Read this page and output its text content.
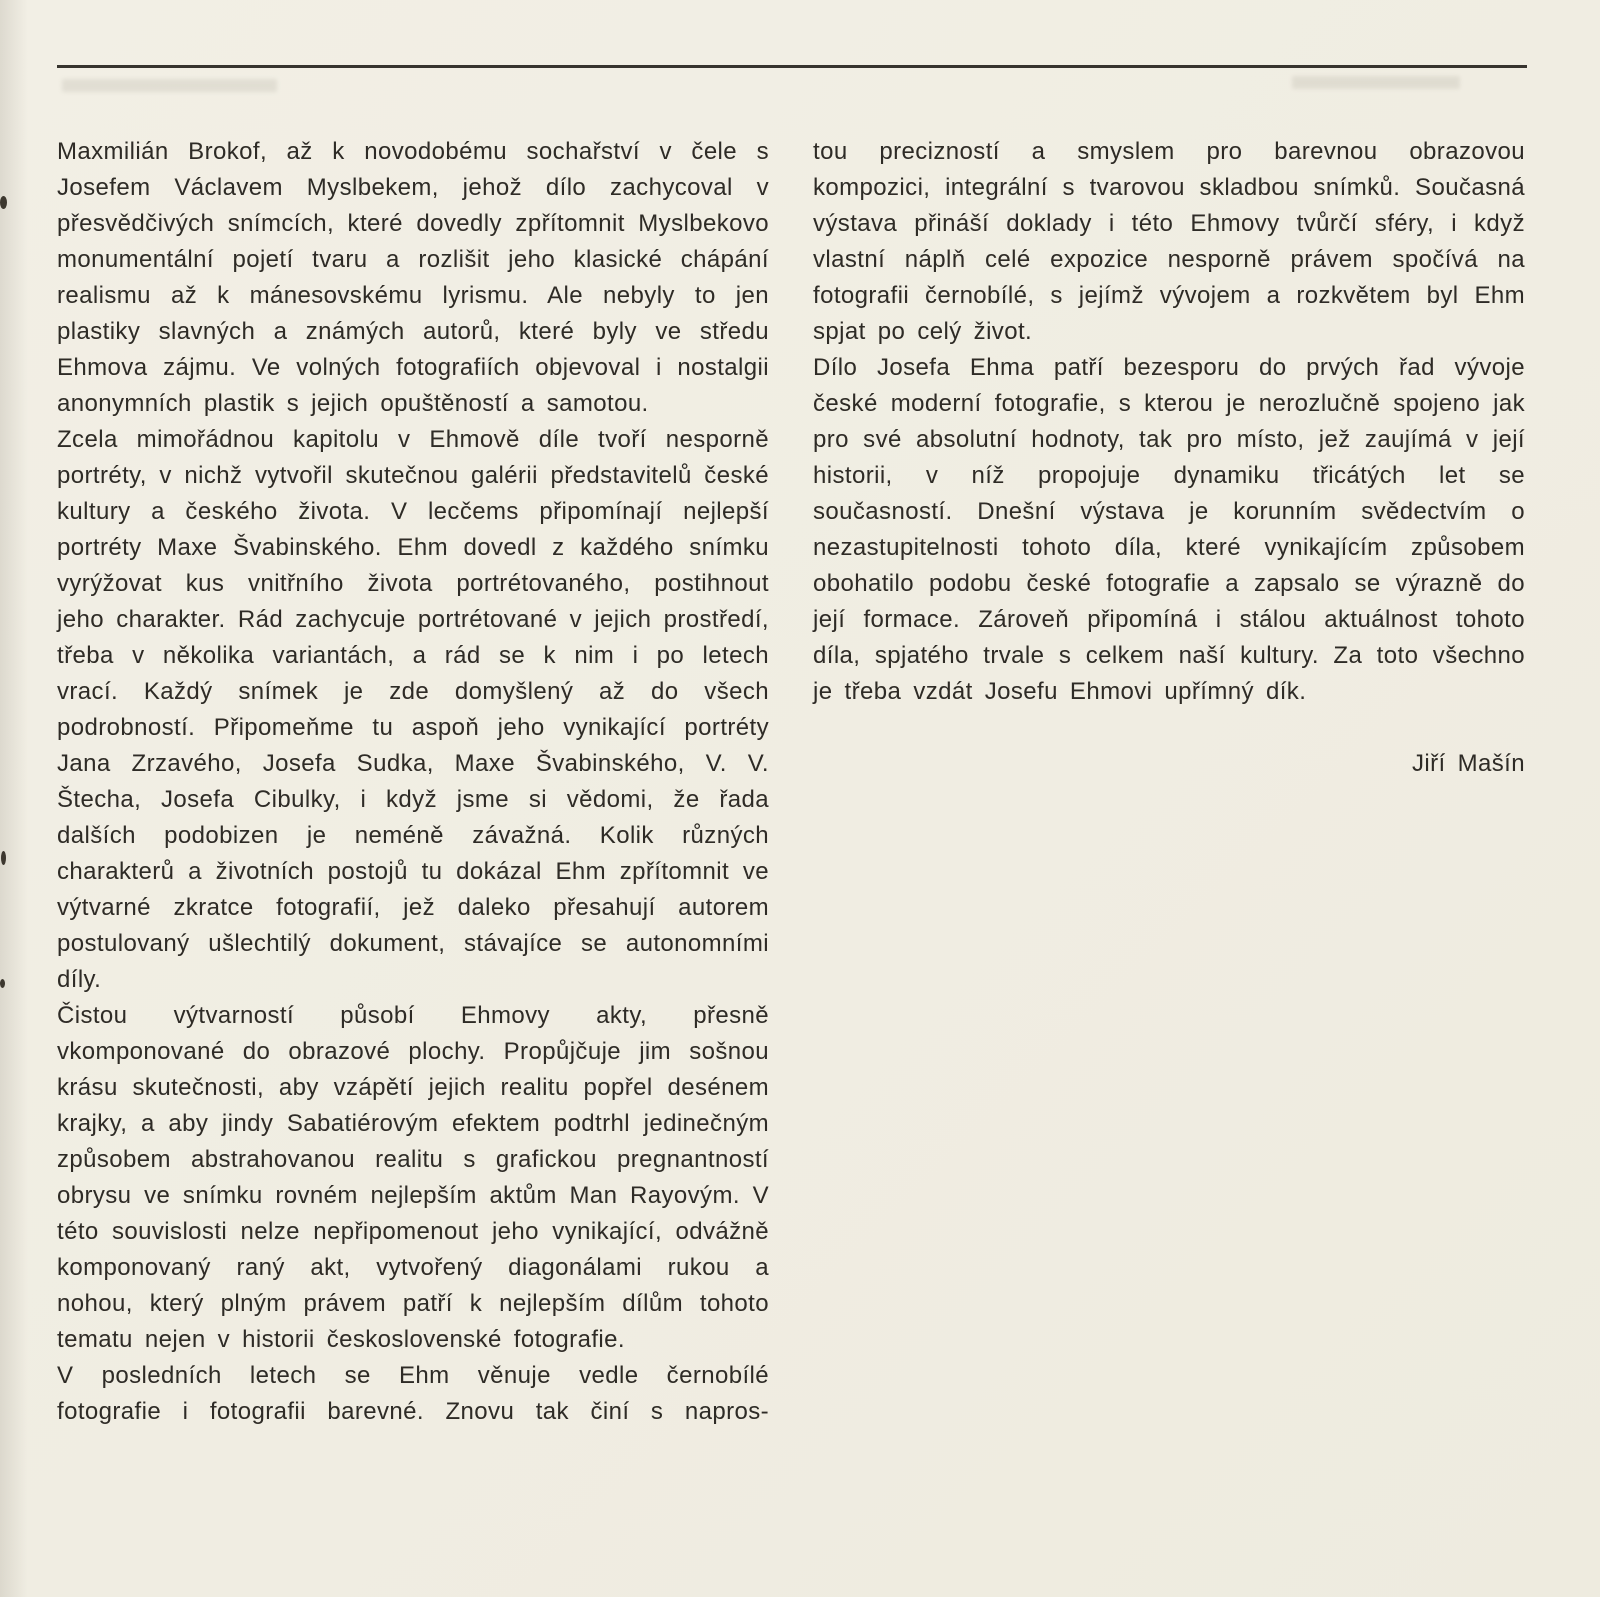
Maxmilián Brokof, až k novodobému sochařství v čele s Josefem Václavem Myslbekem, jehož dílo zachycoval v přesvědčivých snímcích, které dovedly zpřítomnit Myslbekovo monumentální pojetí tvaru a rozlišit jeho klasické chápání realismu až k mánesovskému lyrismu. Ale nebyly to jen plastiky slavných a známých autorů, které byly ve středu Ehmova zájmu. Ve volných fotografiích objevoval i nostalgii anonymních plastik s jejich opuštěností a samotou.

Zcela mimořádnou kapitolu v Ehmově díle tvoří nesporně portréty, v nichž vytvořil skutečnou galérii představitelů české kultury a českého života. V lecčems připomínají nejlepší portréty Maxe Švabinského. Ehm dovedl z každého snímku vyrýžovat kus vnitřního života portrétovaného, postihnout jeho charakter. Rád zachycuje portrétované v jejich prostředí, třeba v několika variantách, a rád se k nim i po letech vrací. Každý snímek je zde domyšlený až do všech podrobností. Připomeňme tu aspoň jeho vynikající portréty Jana Zrzavého, Josefa Sudka, Maxe Švabinského, V. V. Štecha, Josefa Cibulky, i když jsme si vědomi, že řada dalších podobizen je neméně závažná. Kolik různých charakterů a životních postojů tu dokázal Ehm zpřítomnit ve výtvarné zkratce fotografií, jež daleko přesahují autorem postulovaný ušlechtilý dokument, stávajíce se autonomními díly.

Čistou výtvarností působí Ehmovy akty, přesně vkomponované do obrazové plochy. Propůjčuje jim sošnou krásu skutečnosti, aby vzápětí jejich realitu popřel desénem krajky, a aby jindy Sabatiérovým efektem podtrhl jedinečným způsobem abstrahovanou realitu s grafickou pregnantností obrysu ve snímku rovném nejlepším aktům Man Rayovým. V této souvislosti nelze nepřipomenout jeho vynikající, odvážně komponovaný raný akt, vytvořený diagonálami rukou a nohou, který plným právem patří k nejlepším dílům tohoto tematu nejen v historii československé fotografie.

V posledních letech se Ehm věnuje vedle černobílé fotografie i fotografii barevné. Znovu tak činí s napros-

tou precizností a smyslem pro barevnou obrazovou kompozici, integrální s tvarovou skladbou snímků. Současná výstava přináší doklady i této Ehmovy tvůrčí sféry, i když vlastní náplň celé expozice nesporně právem spočívá na fotografii černobílé, s jejímž vývojem a rozkvětem byl Ehm spjat po celý život.

Dílo Josefa Ehma patří bezesporu do prvých řad vývoje české moderní fotografie, s kterou je nerozlučně spojeno jak pro své absolutní hodnoty, tak pro místo, jež zaujímá v její historii, v níž propojuje dynamiku třicátých let se současností. Dnešní výstava je korunním svědectvím o nezastupitelnosti tohoto díla, které vynikajícím způsobem obohatilo podobu české fotografie a zapsalo se výrazně do její formace. Zároveň připomíná i stálou aktuálnost tohoto díla, spjatého trvale s celkem naší kultury. Za toto všechno je třeba vzdát Josefu Ehmovi upřímný dík.

Jiří Mašín
